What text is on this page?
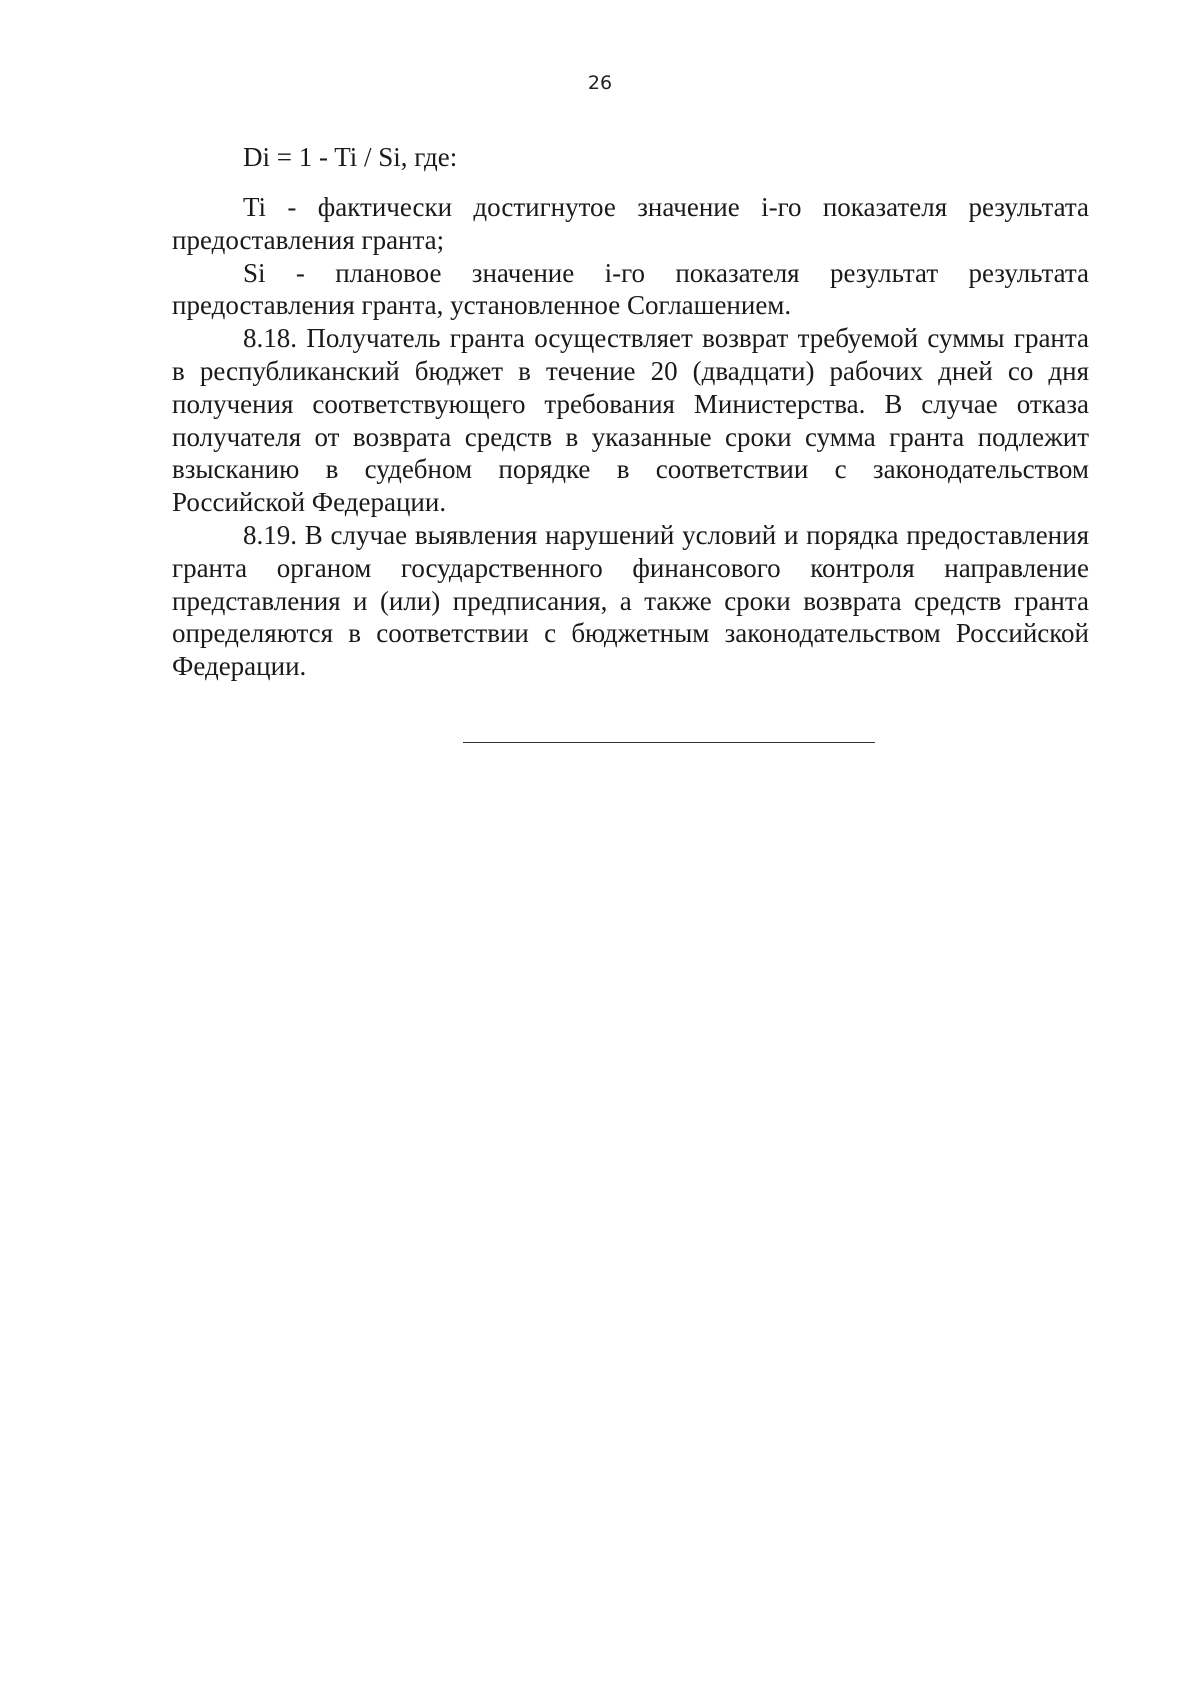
26
Di = 1 - Ti / Si, где:

Ti - фактически достигнутое значение i-го показателя результата предоставления гранта;

Si - плановое значение i-го показателя результат результата предоставления гранта, установленное Соглашением.

8.18. Получатель гранта осуществляет возврат требуемой суммы гранта в республиканский бюджет в течение 20 (двадцати) рабочих дней со дня получения соответствующего требования Министерства. В случае отказа получателя от возврата средств в указанные сроки сумма гранта подлежит взысканию в судебном порядке в соответствии с законодательством Российской Федерации.

8.19. В случае выявления нарушений условий и порядка предоставления гранта органом государственного финансового контроля направление представления и (или) предписания, а также сроки возврата средств гранта определяются в соответствии с бюджетным законодательством Российской Федерации.
